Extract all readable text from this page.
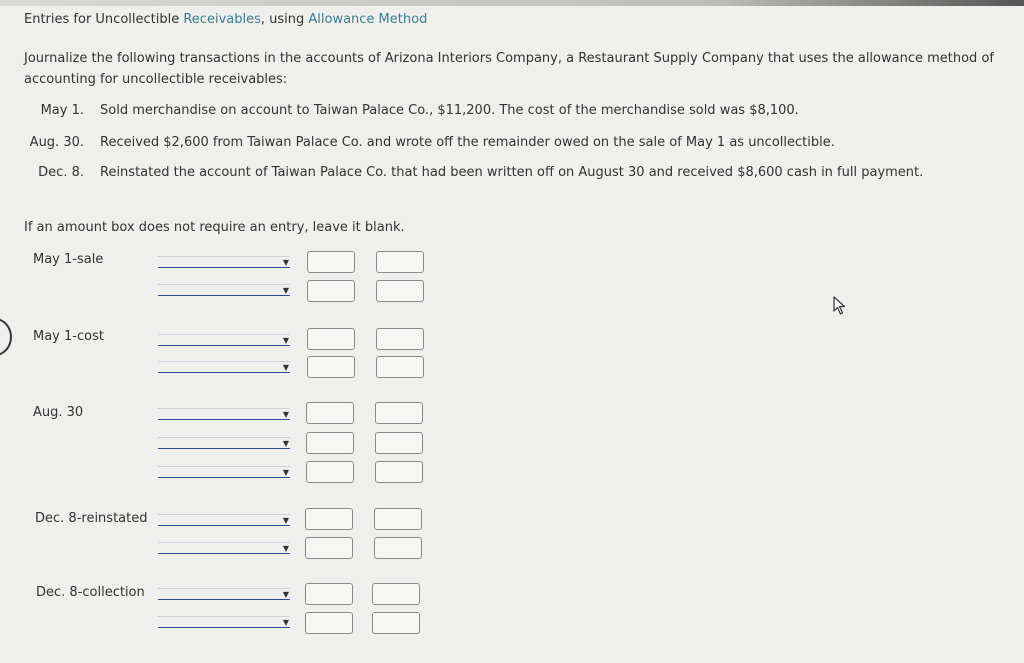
Entries for Uncollectible Receivables, using Allowance Method
Journalize the following transactions in the accounts of Arizona Interiors Company, a Restaurant Supply Company that uses the allowance method of accounting for uncollectible receivables:
May 1. Sold merchandise on account to Taiwan Palace Co., $11,200. The cost of the merchandise sold was $8,100.
Aug. 30. Received $2,600 from Taiwan Palace Co. and wrote off the remainder owed on the sale of May 1 as uncollectible.
Dec. 8. Reinstated the account of Taiwan Palace Co. that had been written off on August 30 and received $8,600 cash in full payment.
If an amount box does not require an entry, leave it blank.
May 1-sale	▼
▼
May 1-cost	▼
▼
Aug. 30	▼
▼
▼
Dec. 8-reinstated	▼
▼
Dec. 8-collection	▼
▼
